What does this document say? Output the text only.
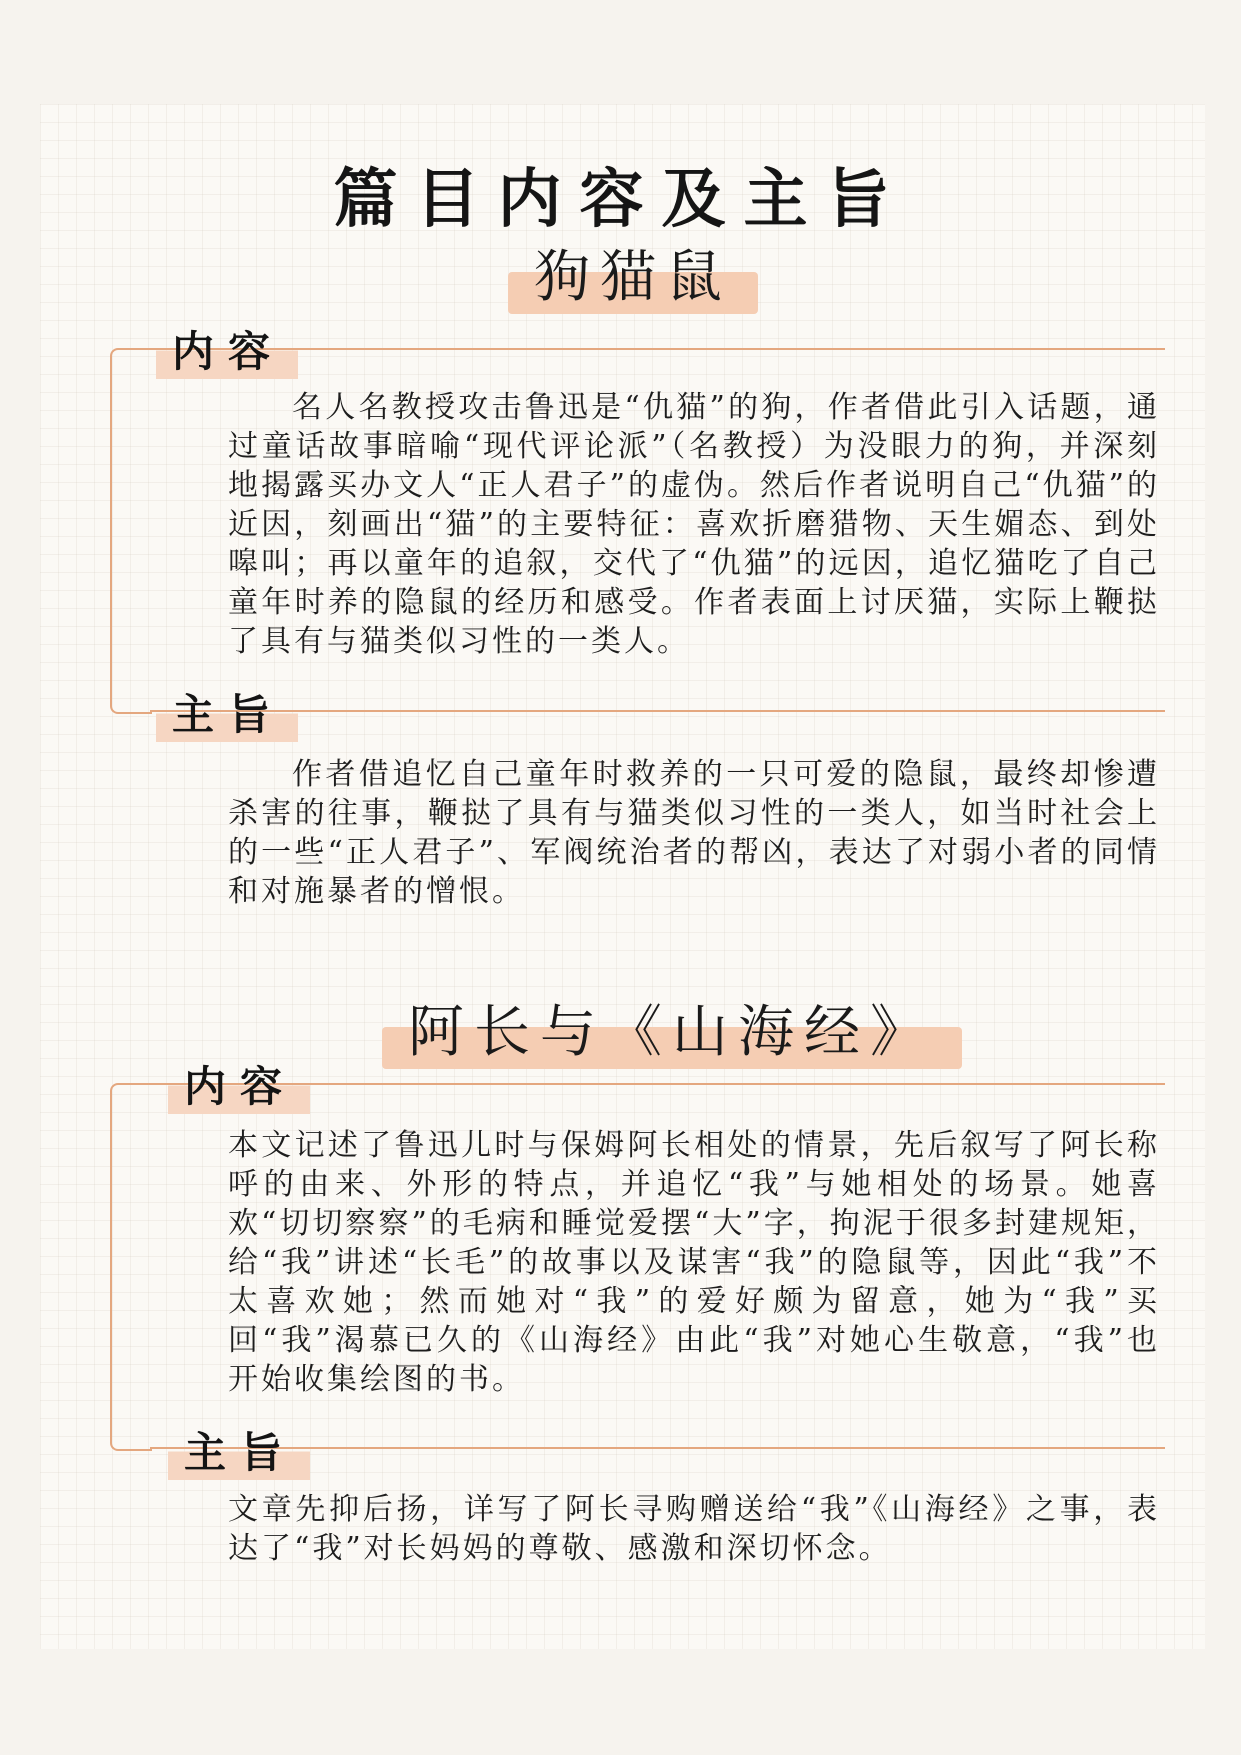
篇目内容及主旨
狗猫鼠
内容

名人名教授攻击鲁迅是“仇猫”的狗，作者借此引入话题，通过童话故事暗喻“现代评论派”（名教授）为没眼力的狗，并深刻地揭露买办文人“正人君子”的虚伪。然后作者说明自己“仇猫”的近因，刻画出“猫”的主要特征：喜欢折磨猎物、天生媚态、到处嗥叫；再以童年的追叙，交代了“仇猫”的远因，追忆猫吃了自己童年时养的隐鼠的经历和感受。作者表面上讨厌猫，实际上鞭挞了具有与猫类似习性的一类人。

主旨

作者借追忆自己童年时救养的一只可爱的隐鼠，最终却惨遭杀害的往事，鞭挞了具有与猫类似习性的一类人，如当时社会上的一些“正人君子”、军阀统治者的帮凶，表达了对弱小者的同情和对施暴者的憎恨。

阿长与《山海经》
内容

本文记述了鲁迅儿时与保姆阿长相处的情景，先后叙写了阿长称呼的由来、外形的特点，并追忆“我”与她相处的场景。她喜欢“切切察察”的毛病和睡觉爱摆“大”字，拘泥于很多封建规矩，给“我”讲述“长毛”的故事以及谋害“我”的隐鼠等，因此“我”不太喜欢她；然而她对“我”的爱好颇为留意，她为“我”买回“我”渴慕已久的《山海经》由此“我”对她心生敬意，“我”也开始收集绘图的书。

主旨

文章先抑后扬，详写了阿长寻购赠送给“我”《山海经》之事，表达了“我”对长妈妈的尊敬、感激和深切怀念。
